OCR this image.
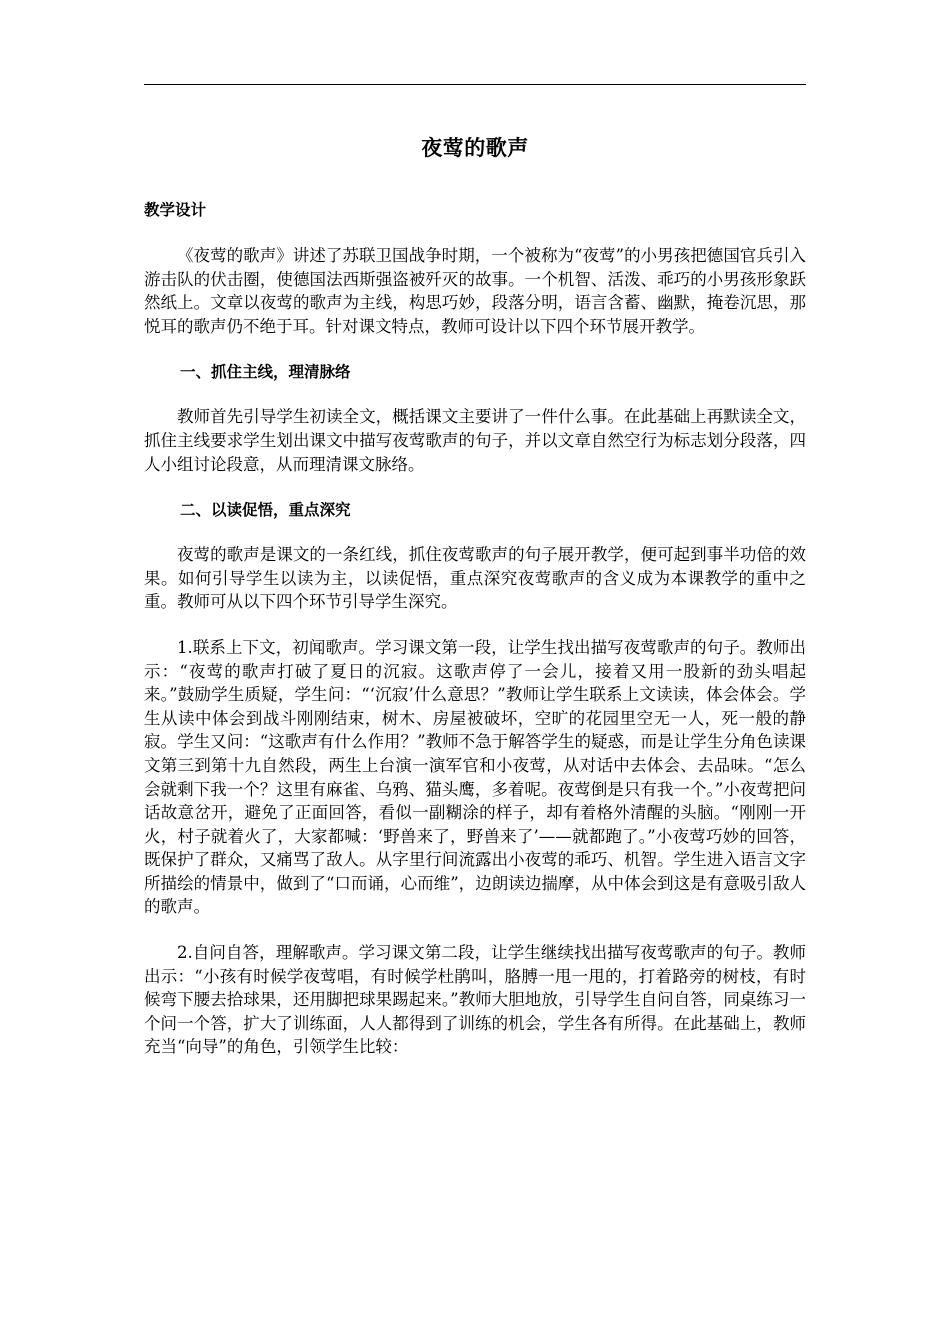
夜莺的歌声
教学设计

《夜莺的歌声》讲述了苏联卫国战争时期，一个被称为“夜莺”的小男孩把德国官兵引入游击队的伏击圈，使德国法西斯强盗被歼灭的故事。一个机智、活泼、乖巧的小男孩形象跃然纸上。文章以夜莺的歌声为主线，构思巧妙，段落分明，语言含蓄、幽默，掩卷沉思，那悦耳的歌声仍不绝于耳。针对课文特点，教师可设计以下四个环节展开教学。

一、抓住主线，理清脉络

教师首先引导学生初读全文，概括课文主要讲了一件什么事。在此基础上再默读全文，抓住主线要求学生划出课文中描写夜莺歌声的句子，并以文章自然空行为标志划分段落，四人小组讨论段意，从而理清课文脉络。

二、以读促悟，重点深究

夜莺的歌声是课文的一条红线，抓住夜莺歌声的句子展开教学，便可起到事半功倍的效果。如何引导学生以读为主，以读促悟，重点深究夜莺歌声的含义成为本课教学的重中之重。教师可从以下四个环节引导学生深究。

1.联系上下文，初闻歌声。学习课文第一段，让学生找出描写夜莺歌声的句子。教师出示：“夜莺的歌声打破了夏日的沉寂。这歌声停了一会儿，接着又用一股新的劲头唱起来。”鼓励学生质疑，学生问：“‘沉寂’什么意思？”教师让学生联系上文读读，体会体会。学生从读中体会到战斗刚刚结束，树木、房屋被破坏，空旷的花园里空无一人，死一般的静寂。学生又问：“这歌声有什么作用？”教师不急于解答学生的疑惑，而是让学生分角色读课文第三到第十九自然段，两生上台演一演军官和小夜莺，从对话中去体会、去品味。“怎么会就剩下我一个？这里有麻雀、乌鸦、猫头鹰，多着呢。夜莺倒是只有我一个。”小夜莺把问话故意岔开，避免了正面回答，看似一副糊涂的样子，却有着格外清醒的头脑。“刚刚一开火，村子就着火了，大家都喊：‘野兽来了，野兽来了’——就都跑了。”小夜莺巧妙的回答，既保护了群众，又痛骂了敌人。从字里行间流露出小夜莺的乖巧、机智。学生进入语言文字所描绘的情景中，做到了“口而诵，心而维”，边朗读边揣摩，从中体会到这是有意吸引敌人的歌声。

2.自问自答，理解歌声。学习课文第二段，让学生继续找出描写夜莺歌声的句子。教师出示：“小孩有时候学夜莺唱，有时候学杜鹃叫，胳膊一甩一甩的，打着路旁的树枝，有时候弯下腰去拾球果，还用脚把球果踢起来。”教师大胆地放，引导学生自问自答，同桌练习一个问一个答，扩大了训练面，人人都得到了训练的机会，学生各有所得。在此基础上，教师充当“向导”的角色，引领学生比较：
